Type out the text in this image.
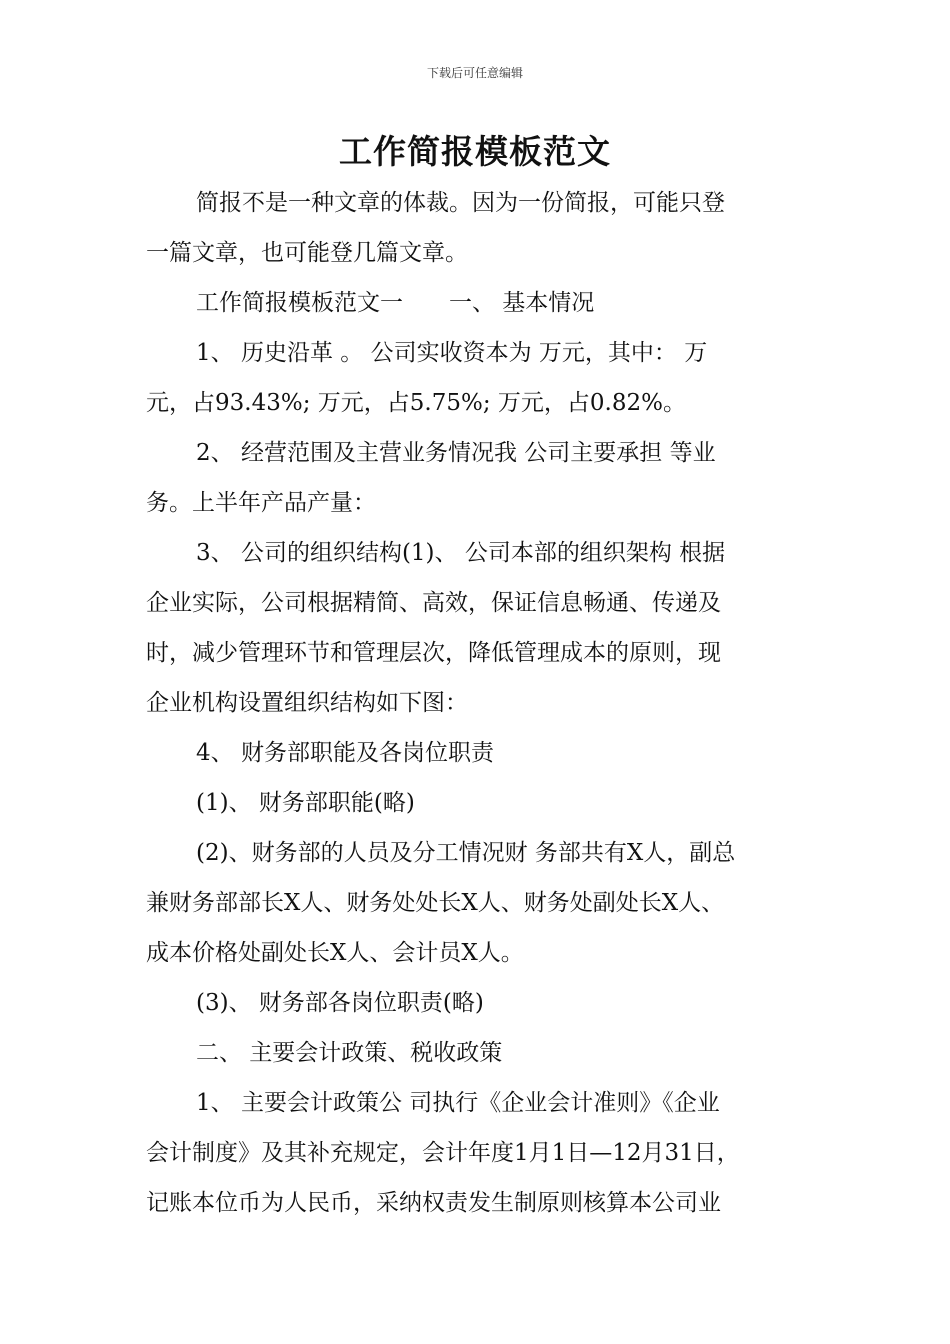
下载后可任意编辑
工作简报模板范文
简报不是一种文章的体裁。因为一份简报，可能只登
一篇文章，也可能登几篇文章。
工作简报模板范文一　　一、 基本情况
1、 历史沿革 。 公司实收资本为 万元，其中： 万
元，占93.43%; 万元，占5.75%; 万元，占0.82%。
2、 经营范围及主营业务情况我 公司主要承担 等业
务。上半年产品产量：
3、 公司的组织结构(1)、 公司本部的组织架构 根据
企业实际，公司根据精简、高效，保证信息畅通、传递及
时，减少管理环节和管理层次，降低管理成本的原则，现
企业机构设置组织结构如下图：
4、 财务部职能及各岗位职责
(1)、 财务部职能(略)
(2)、财务部的人员及分工情况财 务部共有X人，副总
兼财务部部长X人、财务处处长X人、财务处副处长X人、
成本价格处副处长X人、会计员X人。
(3)、 财务部各岗位职责(略)
二、 主要会计政策、税收政策
1、 主要会计政策公 司执行《企业会计准则》《企业
会计制度》及其补充规定，会计年度1月1日—12月31日，
记账本位币为人民币，采纳权责发生制原则核算本公司业
